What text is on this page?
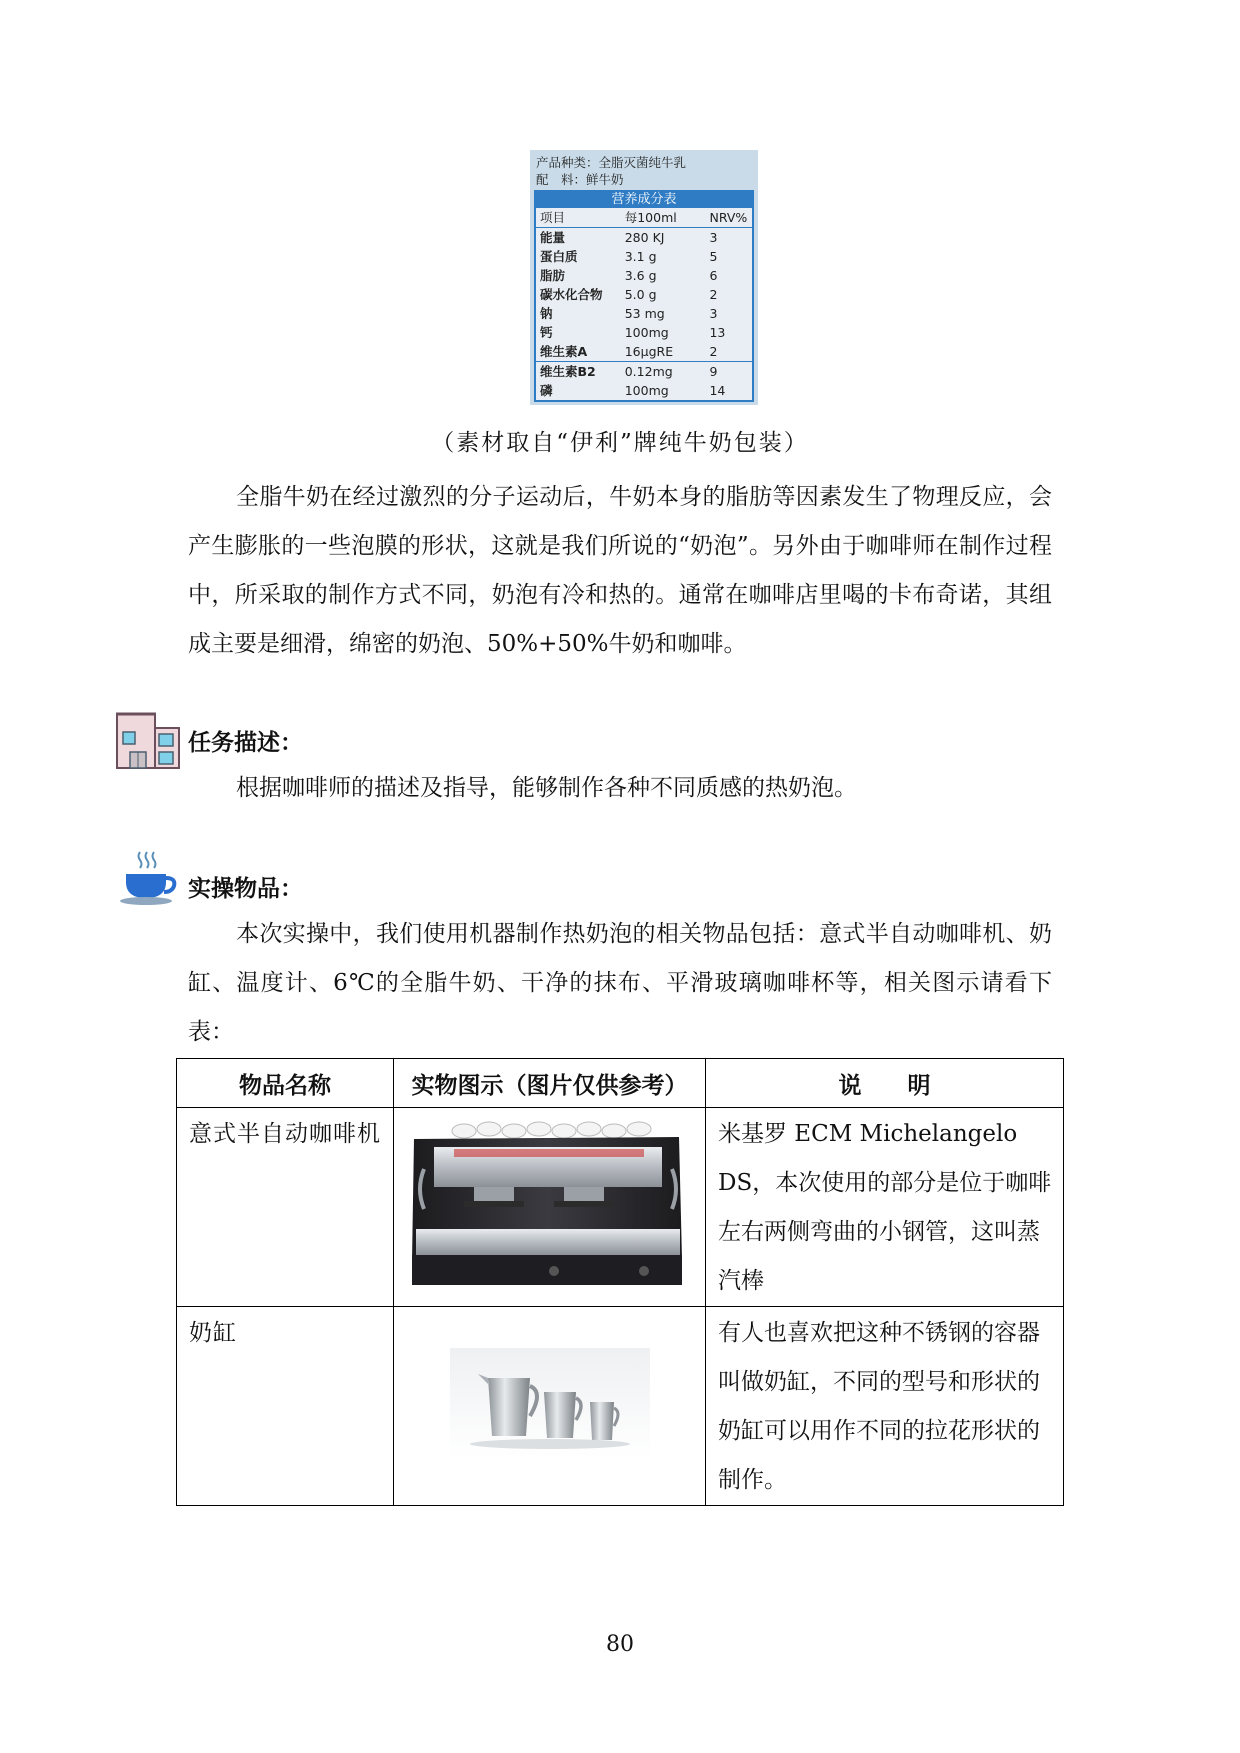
产品种类：全脂灭菌纯牛乳
配　料：鲜牛奶
营养成分表
项目	每100ml	NRV%
能量	280 KJ	3
蛋白质	3.1 g	5
脂肪	3.6 g	6
碳水化合物	5.0 g	2
钠	53 mg	3
钙	100mg	13
维生素A	16μgRE	2
维生素B2	0.12mg	9
磷	100mg	14
（素材取自“伊利”牌纯牛奶包装）

全脂牛奶在经过激烈的分子运动后，牛奶本身的脂肪等因素发生了物理反应，会产生膨胀的一些泡膜的形状，这就是我们所说的“奶泡”。另外由于咖啡师在制作过程中，所采取的制作方式不同，奶泡有冷和热的。通常在咖啡店里喝的卡布奇诺，其组成主要是细滑，绵密的奶泡、50%+50%牛奶和咖啡。

任务描述：

根据咖啡师的描述及指导，能够制作各种不同质感的热奶泡。

实操物品：

本次实操中，我们使用机器制作热奶泡的相关物品包括：意式半自动咖啡机、奶缸、温度计、6℃的全脂牛奶、干净的抹布、平滑玻璃咖啡杯等，相关图示请看下表：

物品名称	实物图示（图片仅供参考）	说　　明

意式半自动咖啡机		米基罗 ECM Michelangelo DS，本次使用的部分是位于咖啡左右两侧弯曲的小钢管，这叫蒸汽棒

奶缸		有人也喜欢把这种不锈钢的容器叫做奶缸，不同的型号和形状的奶缸可以用作不同的拉花形状的制作。
80
